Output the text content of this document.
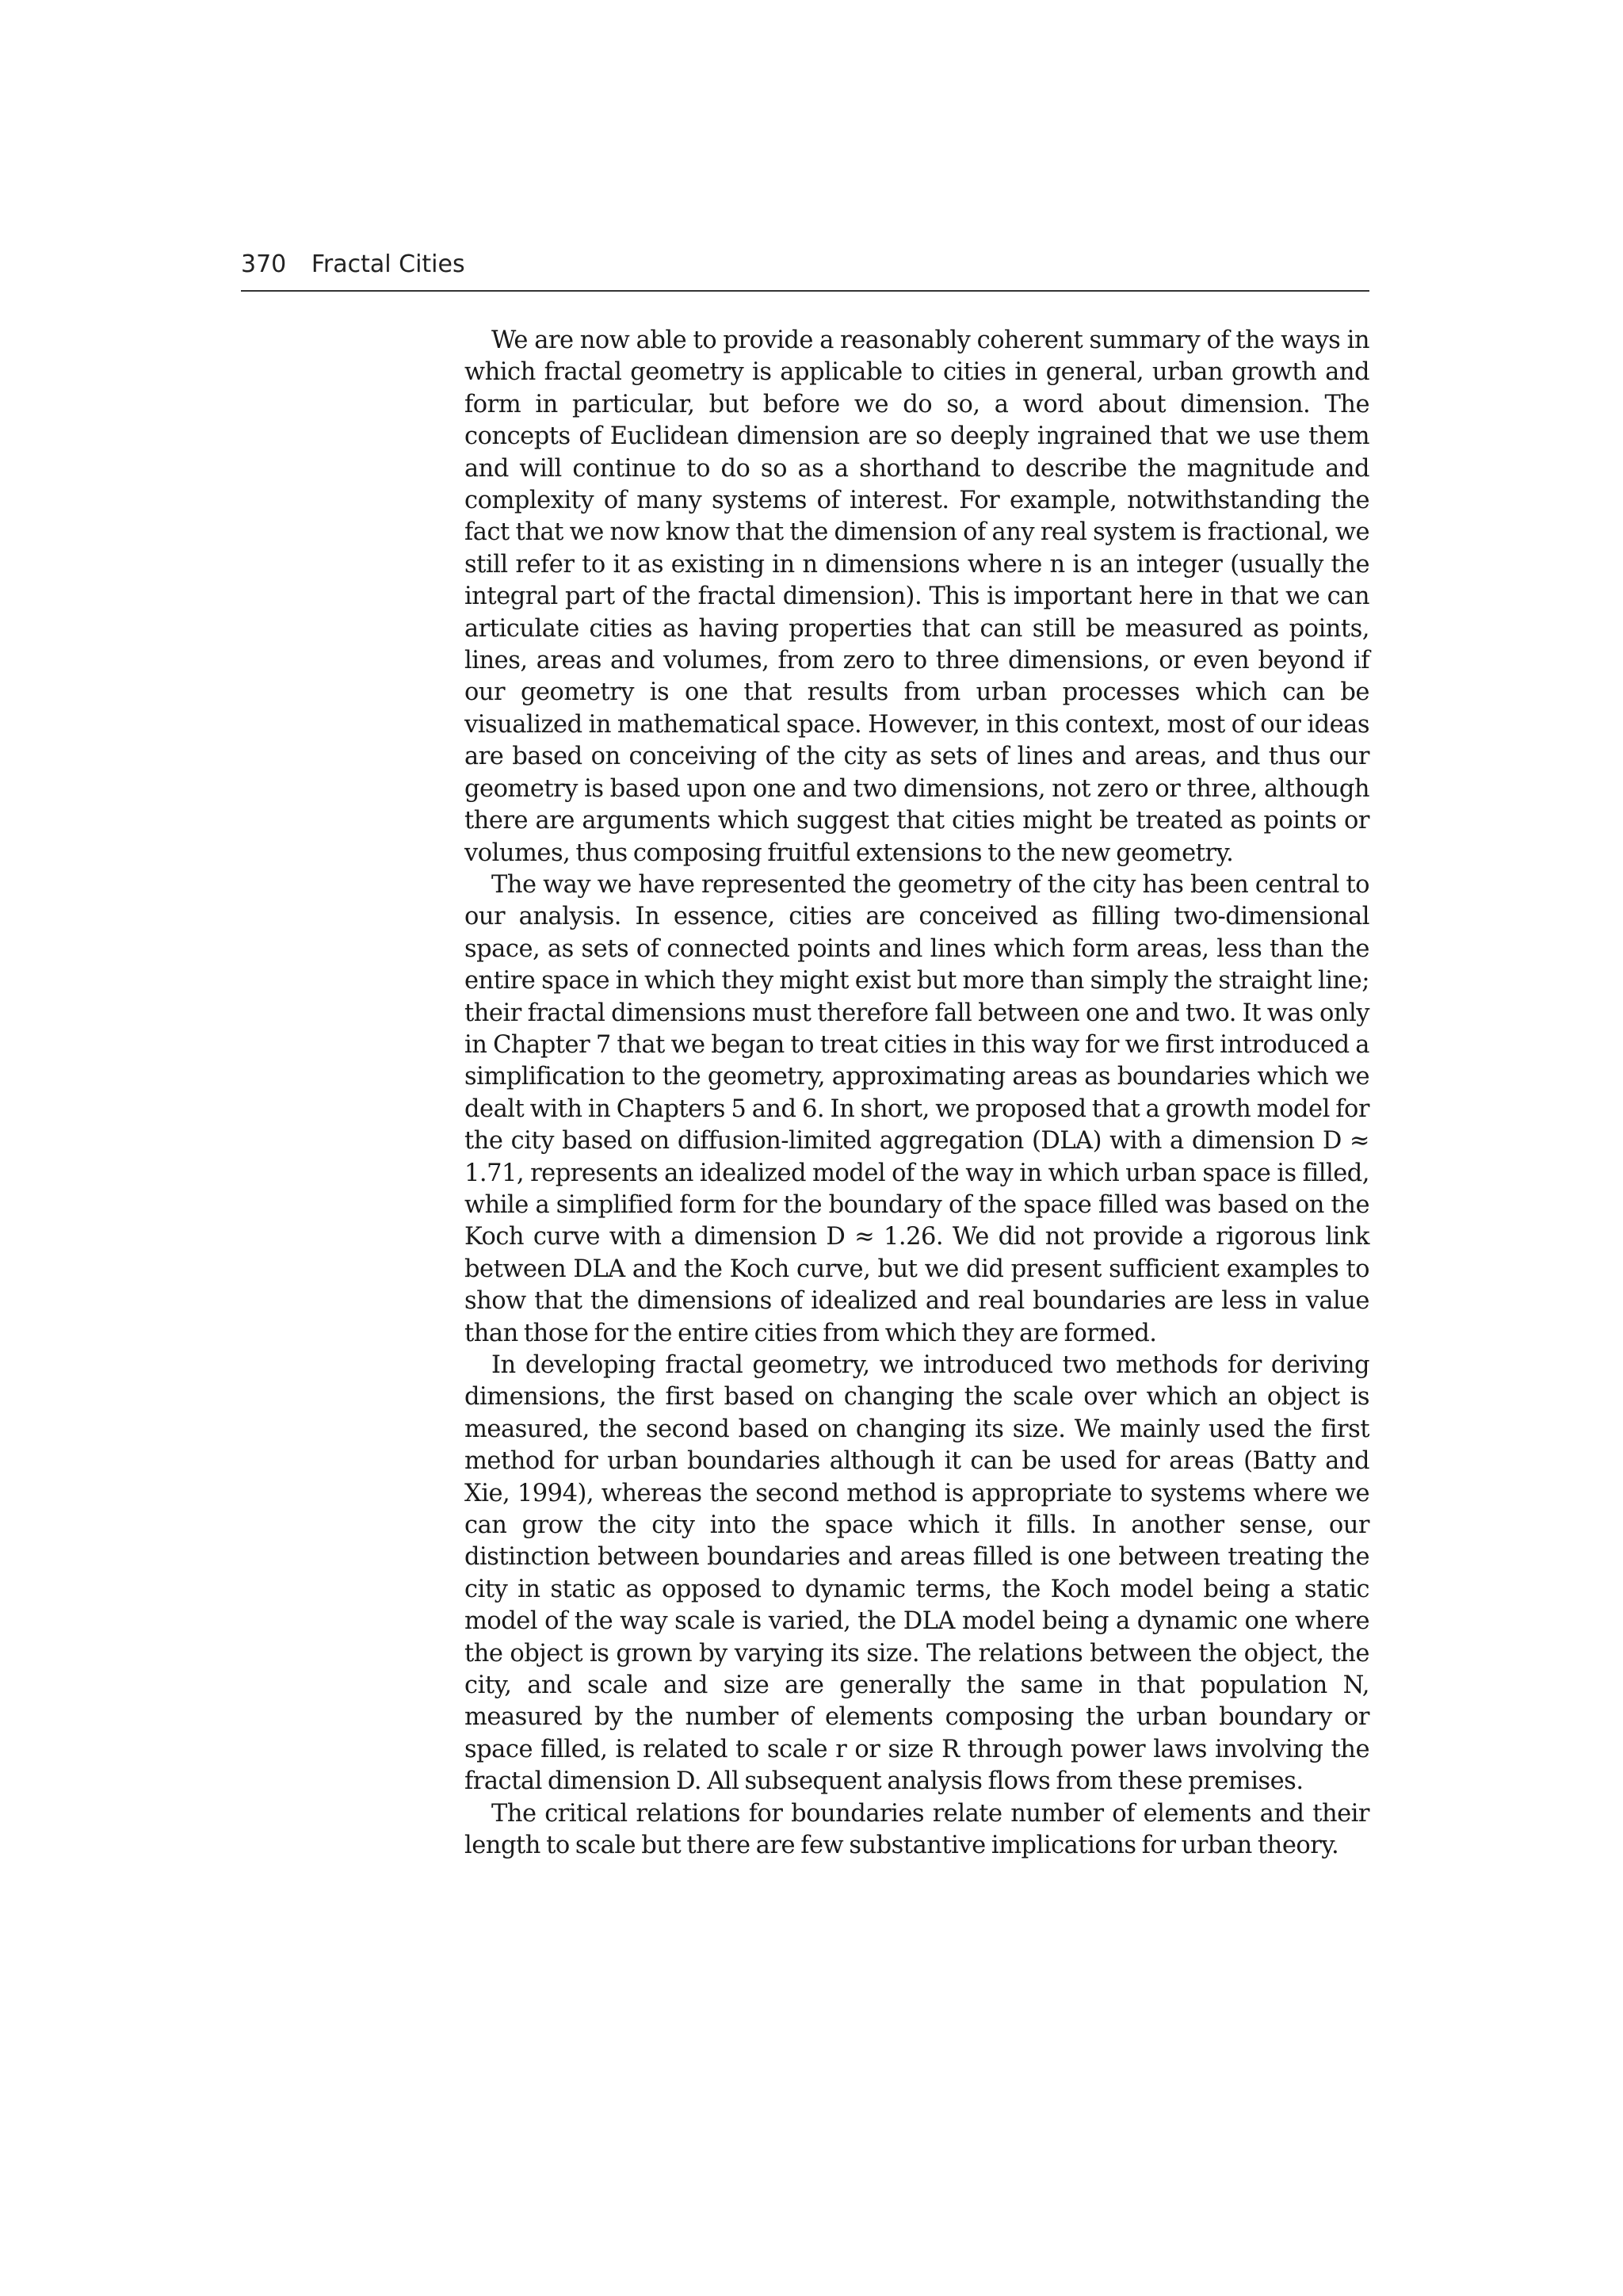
370 Fractal Cities

We are now able to provide a reasonably coherent summary of the ways in which fractal geometry is applicable to cities in general, urban growth and form in particular, but before we do so, a word about dimension. The concepts of Euclidean dimension are so deeply ingrained that we use them and will continue to do so as a shorthand to describe the magnitude and complexity of many systems of interest. For example, notwithstanding the fact that we now know that the dimension of any real system is fractional, we still refer to it as existing in n dimensions where n is an integer (usually the integral part of the fractal dimension). This is important here in that we can articulate cities as having properties that can still be measured as points, lines, areas and volumes, from zero to three dimensions, or even beyond if our geometry is one that results from urban processes which can be visualized in mathematical space. However, in this context, most of our ideas are based on conceiving of the city as sets of lines and areas, and thus our geometry is based upon one and two dimensions, not zero or three, although there are arguments which suggest that cities might be treated as points or volumes, thus composing fruitful extensions to the new geometry.

The way we have represented the geometry of the city has been central to our analysis. In essence, cities are conceived as filling two-dimensional space, as sets of connected points and lines which form areas, less than the entire space in which they might exist but more than simply the straight line; their fractal dimensions must therefore fall between one and two. It was only in Chapter 7 that we began to treat cities in this way for we first introduced a simplification to the geometry, approximating areas as boundaries which we dealt with in Chapters 5 and 6. In short, we proposed that a growth model for the city based on diffusion-limited aggregation (DLA) with a dimension D ≈ 1.71, represents an idealized model of the way in which urban space is filled, while a simplified form for the boundary of the space filled was based on the Koch curve with a dimension D ≈ 1.26. We did not provide a rigorous link between DLA and the Koch curve, but we did present sufficient examples to show that the dimensions of idealized and real boundaries are less in value than those for the entire cities from which they are formed.

In developing fractal geometry, we introduced two methods for deriving dimensions, the first based on changing the scale over which an object is measured, the second based on changing its size. We mainly used the first method for urban boundaries although it can be used for areas (Batty and Xie, 1994), whereas the second method is appropriate to systems where we can grow the city into the space which it fills. In another sense, our distinction between boundaries and areas filled is one between treating the city in static as opposed to dynamic terms, the Koch model being a static model of the way scale is varied, the DLA model being a dynamic one where the object is grown by varying its size. The relations between the object, the city, and scale and size are generally the same in that population N, measured by the number of elements composing the urban boundary or space filled, is related to scale r or size R through power laws involving the fractal dimension D. All subsequent analysis flows from these premises.

The critical relations for boundaries relate number of elements and their length to scale but there are few substantive implications for urban theory.
